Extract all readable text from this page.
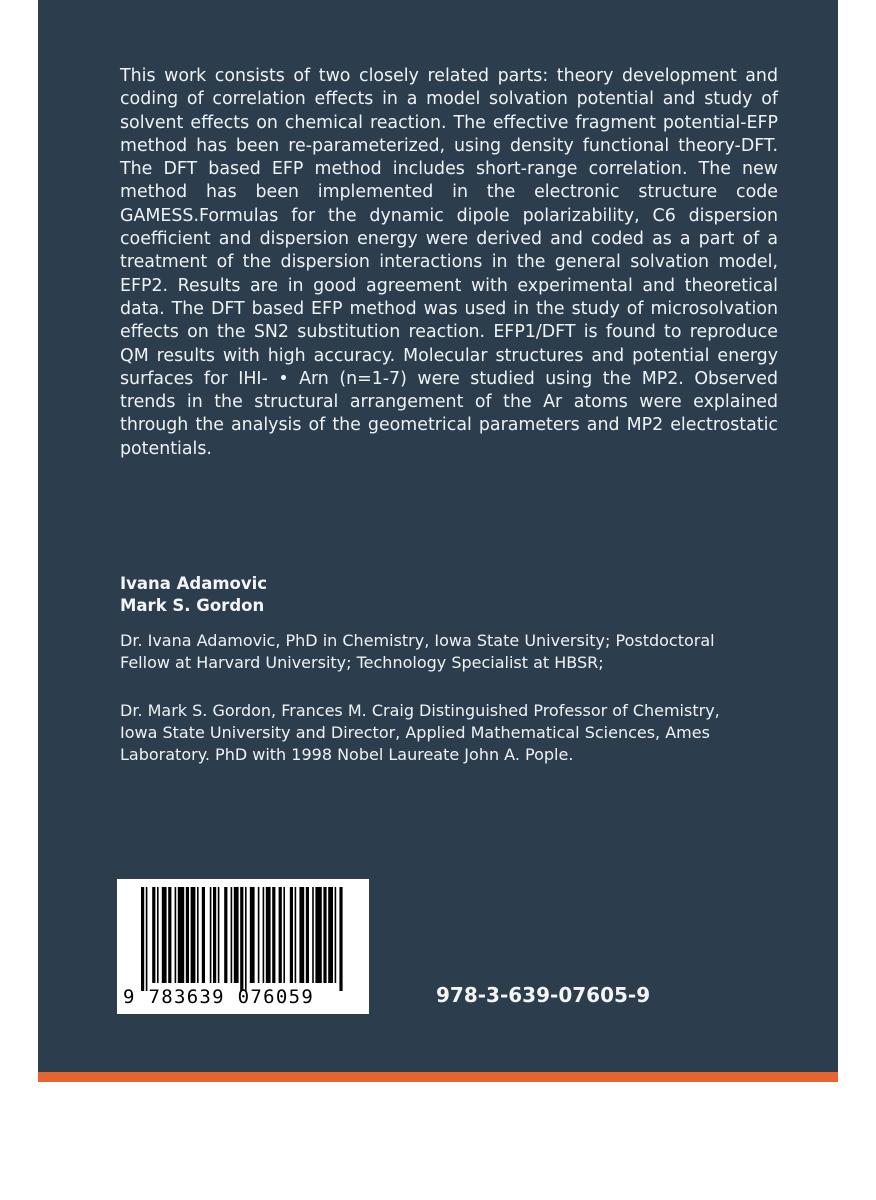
This work consists of two closely related parts: theory development and coding of correlation effects in a model solvation potential and study of solvent effects on chemical reaction. The effective fragment potential-EFP method has been re-parameterized, using density functional theory-DFT. The DFT based EFP method includes short-range correlation. The new method has been implemented in the electronic structure code GAMESS.Formulas for the dynamic dipole polarizability, C6 dispersion coefficient and dispersion energy were derived and coded as a part of a treatment of the dispersion interactions in the general solvation model, EFP2. Results are in good agreement with experimental and theoretical data. The DFT based EFP method was used in the study of microsolvation effects on the SN2 substitution reaction. EFP1/DFT is found to reproduce QM results with high accuracy. Molecular structures and potential energy surfaces for IHI- • Arn (n=1-7) were studied using the MP2. Observed trends in the structural arrangement of the Ar atoms were explained through the analysis of the geometrical parameters and MP2 electrostatic potentials.

Ivana Adamovic
Mark S. Gordon

Dr. Ivana Adamovic, PhD in Chemistry, Iowa State University; Postdoctoral Fellow at Harvard University; Technology Specialist at HBSR;

Dr. Mark S. Gordon, Frances M. Craig Distinguished Professor of Chemistry, Iowa State University and Director, Applied Mathematical Sciences, Ames Laboratory. PhD with 1998 Nobel Laureate John A. Pople.

9 783639 076059	978-3-639-07605-9
